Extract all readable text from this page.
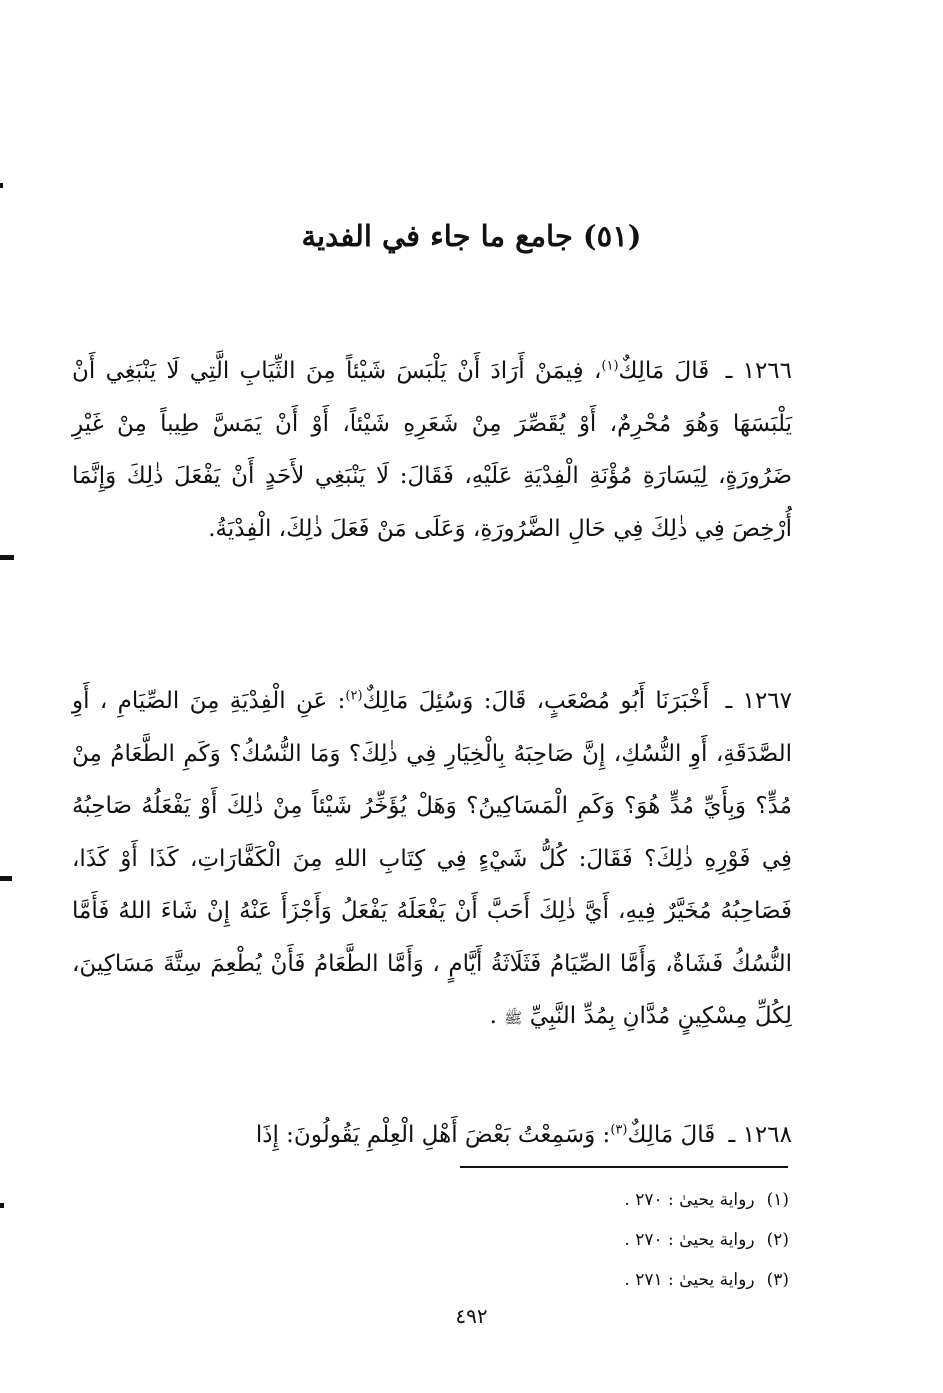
(٥١) جامع ما جاء في الفدية

١٢٦٦ ـ قَالَ مَالِكٌ$^{(١)}$، فِيمَنْ أَرَادَ أَنْ يَلْبَسَ شَيْئاً مِنَ الثِّيَابِ الَّتِي لَا يَنْبَغِي أَنْ يَلْبَسَهَا وَهُوَ مُحْرِمٌ، أَوْ يُقَصِّرَ مِنْ شَعَرِهِ شَيْئاً، أَوْ أَنْ يَمَسَّ طِيباً مِنْ غَيْرِ ضَرُورَةٍ، لِيَسَارَةِ مُؤْنَةِ الْفِدْيَةِ عَلَيْهِ، فَقَالَ: لَا يَنْبَغِي لأَحَدٍ أَنْ يَفْعَلَ ذٰلِكَ وَإِنَّمَا أُرْخِصَ فِي ذٰلِكَ فِي حَالِ الضَّرُورَةِ، وَعَلَى مَنْ فَعَلَ ذٰلِكَ، الْفِدْيَةُ.

١٢٦٧ ـ أَخْبَرَنَا أَبُو مُصْعَبٍ، قَالَ: وَسُئِلَ مَالِكٌ$^{(٢)}$: عَنِ الْفِدْيَةِ مِنَ الصِّيَامِ ، أَوِ الصَّدَقَةِ، أَوِ النُّسُكِ، إِنَّ صَاحِبَهُ بِالْخِيَارِ فِي ذٰلِكَ؟ وَمَا النُّسُكُ؟ وَكَمِ الطَّعَامُ مِنْ مُدٍّ؟ وَبِأَيِّ مُدٍّ هُوَ؟ وَكَمِ الْمَسَاكِينُ؟ وَهَلْ يُؤَخِّرُ شَيْئاً مِنْ ذٰلِكَ أَوْ يَفْعَلُهُ صَاحِبُهُ فِي فَوْرِهِ ذٰلِكَ؟ فَقَالَ: كُلُّ شَيْءٍ فِي كِتَابِ اللهِ مِنَ الْكَفَّارَاتِ، كَذَا أَوْ كَذَا، فَصَاحِبُهُ مُخَيَّرٌ فِيهِ، أَيَّ ذٰلِكَ أَحَبَّ أَنْ يَفْعَلَهُ يَفْعَلُ وَأَجْزَأَ عَنْهُ إِنْ شَاءَ اللهُ فَأَمَّا النُّسُكُ فَشَاةٌ، وَأَمَّا الصِّيَامُ فَثَلَاثَةُ أَيَّامٍ ، وَأَمَّا الطَّعَامُ فَأَنْ يُطْعِمَ سِتَّةَ مَسَاكِينَ، لِكُلِّ مِسْكِينٍ مُدَّانِ بِمُدِّ النَّبِيِّ ﷺ .

١٢٦٨ ـ قَالَ مَالِكٌ$^{(٣)}$: وَسَمِعْتُ بَعْضَ أَهْلِ الْعِلْمِ يَقُولُونَ: إِذَا

(١)رواية يحيىٰ : ٢٧٠ .
(٢)رواية يحيىٰ : ٢٧٠ .
(٣)رواية يحيىٰ : ٢٧١ .
٤٩٢
